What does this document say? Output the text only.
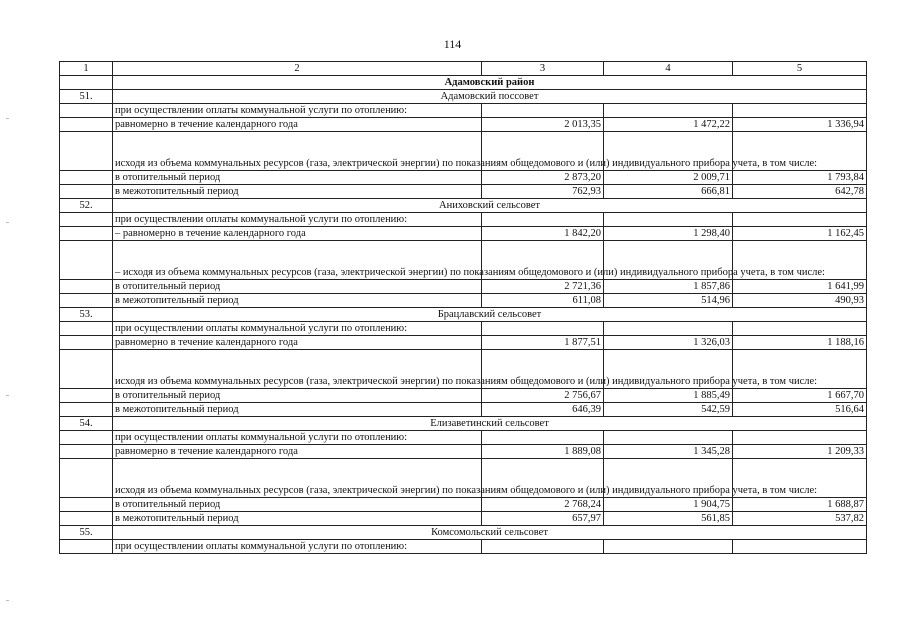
114
1	2	3	4	5
	Адамовский район			
51.	Адамовский поссовет			
	при осуществлении оплаты коммунальной услуги по отоплению:			
	равномерно в течение календарного года	2 013,35	1 472,22	1 336,94
	исходя из объема коммунальных ресурсов (газа, электрической энергии) по показаниям общедомового и (или) индивидуального прибора учета, в том числе:			
	в отопительный период	2 873,20	2 009,71	1 793,84
	в межотопительный период	762,93	666,81	642,78
52.	Аниховский сельсовет			
	при осуществлении оплаты коммунальной услуги по отоплению:			
	– равномерно в течение календарного года	1 842,20	1 298,40	1 162,45
	– исходя из объема коммунальных ресурсов (газа, электрической энергии) по показаниям общедомового и (или) индивидуального прибора учета, в том числе:			
	в отопительный период	2 721,36	1 857,86	1 641,99
	в межотопительный период	611,08	514,96	490,93
53.	Брацлавский сельсовет			
	при осуществлении оплаты коммунальной услуги по отоплению:			
	равномерно в течение календарного года	1 877,51	1 326,03	1 188,16
	исходя из объема коммунальных ресурсов (газа, электрической энергии) по показаниям общедомового и (или) индивидуального прибора учета, в том числе:			
	в отопительный период	2 756,67	1 885,49	1 667,70
	в межотопительный период	646,39	542,59	516,64
54.	Елизаветинский сельсовет			
	при осуществлении оплаты коммунальной услуги по отоплению:			
	равномерно в течение календарного года	1 889,08	1 345,28	1 209,33
	исходя из объема коммунальных ресурсов (газа, электрической энергии) по показаниям общедомового и (или) индивидуального прибора учета, в том числе:			
	в отопительный период	2 768,24	1 904,75	1 688,87
	в межотопительный период	657,97	561,85	537,82
55.	Комсомольский сельсовет			
	при осуществлении оплаты коммунальной услуги по отоплению:			
